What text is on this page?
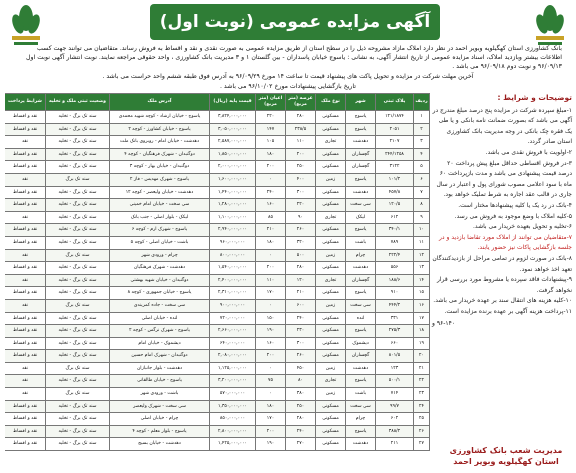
آگهی مزایده عمومی (نوبت اول)
بانک کشاورزی استان کهگیلویه وبویر احمد در نظر دارد املاک مازاد مشروحه ذیل را در سطح استان از طریق مزایده عمومی به صورت نقدی و نقد و اقساط به فروش رساند. متقاضیان می توانند جهت کسب اطلاعات بیشتر وبازدید املاک، اسناد مزایده عمومی از تاریخ انتشار آگهی، به نشانی : یاسوج خیابان پاسداران - بین گلستان ۱ و ۳ مدیریت بانک کشاورزی ، واحد حقوقی مراجعه نمایند. نوبت انتشار آگهی نوبت اول ۹۶/۰۹/۱۳ و نوبت دوم ۹۶/۰۹/۱۸ می باشد .
آخرین مهلت شرکت در مزایده و تحویل پاکت های پیشنهاد قیمت تا ساعت ۱۴ مورخ ۹۶/۰۹/۲۹ به آدرس فوق طبقه ششم واحد حراست می باشد .
تاریخ بازگشایی پیشنهادات مورخ ۹۶/۱۰/۰۲ می باشد .
ردیف	پلاک ثبتی	شهر	نوع ملک	عرصه (متر مربع)	اعیان (متر مربع)	قیمت پایه (ریال)	آدرس ملک	وضعیت ثبتی ملک و تخلیه	شرایط پرداخت
۱	۱۲۱/۱۸۷۴	یاسوج	مسکونی	۲۸۰	۲۲۰	۳,۸۲۴,۰۰۰,۰۰۰	یاسوج - خیابان ارشاد - کوچه شهید محمدی	سند تک برگ - تخلیه	نقد و اقساط
۲	۲۰۵۱	یاسوج	مسکونی	۲۳۸/۵	۱۴۷	۳,۰۵۰,۰۰۰,۰۰۰	یاسوج - خیابان کشاورز - کوچه ۲	سند تک برگ - تخلیه	نقد و اقساط
۳	۲۱۰۷	دهدشت	تجاری	۱۱۰	۱۰۵	۲,۵۸۷,۰۰۰,۰۰۰	دهدشت - خیابان امام - روبروی بانک ملت	سند تک برگ - تخلیه	نقد
۴	۲۴۴/۱۲۵۸	گچساران	مسکونی	۲۰۰	۱۸۰	۱,۸۵۰,۰۰۰,۰۰۰	دوگنبدان - شهرک فرهنگیان - کوچه ۴	سند تک برگ - تخلیه	نقد و اقساط
۵	۳۱۲۲	گچساران	مسکونی	۲۵۰	۲۰۰	۲,۰۰۰,۰۰۰,۰۰۰	دوگنبدان - خیابان بهار - کوچه ۳	سند تک برگ - تخلیه	نقد و اقساط
۶	۱۰۱/۲	یاسوج	زمین	۴۰۰	۰	۱,۶۰۰,۰۰۰,۰۰۰	یاسوج - شهرک مهدیس - فاز ۲	سند تک برگ	نقد
۷	۴۵۷/۸	دهدشت	مسکونی	۳۰۰	۲۴۰	۱,۴۴۰,۰۰۰,۰۰۰	دهدشت - خیابان ولیعصر - کوچه ۱۲	سند تک برگ - تخلیه	نقد و اقساط
۸	۱۲۰/۵	سی سخت	مسکونی	۲۲۰	۱۶۰	۱,۲۸۰,۰۰۰,۰۰۰	سی سخت - خیابان امام خمینی	سند تک برگ - تخلیه	نقد و اقساط
۹	۶۱۲	لیکک	تجاری	۹۰	۸۵	۱,۱۰۰,۰۰۰,۰۰۰	لیکک - بلوار اصلی - جنب بانک	سند تک برگ - تخلیه	نقد
۱۰	۳۴۰/۱	یاسوج	مسکونی	۲۶۰	۲۱۰	۲,۹۴۰,۰۰۰,۰۰۰	یاسوج - شهرک ارم - کوچه ۶	سند تک برگ - تخلیه	نقد و اقساط
۱۱	۷۸۹	باشت	مسکونی	۳۲۰	۱۸۰	۹۶۰,۰۰۰,۰۰۰	باشت - خیابان اصلی - کوچه ۵	سند تک برگ - تخلیه	نقد و اقساط
۱۲	۲۲۲/۴	چرام	زمین	۵۰۰	۰	۸۰۰,۰۰۰,۰۰۰	چرام - ورودی شهر	سند تک برگ	نقد
۱۳	۵۵۶	دهدشت	مسکونی	۲۸۰	۲۰۰	۱,۵۴۰,۰۰۰,۰۰۰	دهدشت - شهرک فرهنگیان	سند تک برگ - تخلیه	نقد و اقساط
۱۴	۱۸۸/۶	گچساران	تجاری	۱۲۰	۱۱۰	۲,۴۰۰,۰۰۰,۰۰۰	دوگنبدان - خیابان شهید بهشتی	سند تک برگ - تخلیه	نقد
۱۵	۹۱۰	یاسوج	مسکونی	۲۱۰	۱۷۰	۲,۳۱۰,۰۰۰,۰۰۰	یاسوج - خیابان جمهوری - کوچه ۸	سند تک برگ - تخلیه	نقد و اقساط
۱۶	۴۴۴/۲	سی سخت	زمین	۶۰۰	۰	۹۰۰,۰۰۰,۰۰۰	سی سخت - جاده کمربندی	سند تک برگ	نقد
۱۷	۳۳۱	لنده	مسکونی	۲۴۰	۱۵۰	۷۲۰,۰۰۰,۰۰۰	لنده - خیابان اصلی	سند تک برگ - تخلیه	نقد و اقساط
۱۸	۲۷۵/۳	یاسوج	مسکونی	۲۳۰	۱۹۰	۲,۶۶۰,۰۰۰,۰۰۰	یاسوج - شهرک نرگس - کوچه ۲	سند تک برگ - تخلیه	نقد و اقساط
۱۹	۶۶۰	دیشموک	مسکونی	۳۰۰	۱۶۰	۶۴۰,۰۰۰,۰۰۰	دیشموک - خیابان امام	سند تک برگ - تخلیه	نقد و اقساط
۲۰	۸۰۱/۵	گچساران	مسکونی	۲۶۰	۲۰۰	۲,۰۸۰,۰۰۰,۰۰۰	دوگنبدان - شهرک امام حسین	سند تک برگ - تخلیه	نقد و اقساط
۲۱	۱۲۳	دهدشت	زمین	۴۵۰	۰	۱,۱۲۵,۰۰۰,۰۰۰	دهدشت - بلوار جانبازان	سند تک برگ	نقد
۲۲	۵۰۰/۱	یاسوج	تجاری	۸۰	۷۵	۳,۲۰۰,۰۰۰,۰۰۰	یاسوج - خیابان طالقانی	سند تک برگ - تخلیه	نقد
۲۳	۷۱۴	باشت	زمین	۳۸۰	۰	۵۷۰,۰۰۰,۰۰۰	باشت - ورودی شهر	سند تک برگ	نقد
۲۴	۹۹/۷	سی سخت	مسکونی	۲۵۰	۱۸۰	۱,۳۵۰,۰۰۰,۰۰۰	سی سخت - شهرک ولیعصر	سند تک برگ - تخلیه	نقد و اقساط
۲۵	۶۰۲	چرام	مسکونی	۲۸۰	۱۷۰	۸۵۰,۰۰۰,۰۰۰	چرام - خیابان اصلی	سند تک برگ - تخلیه	نقد و اقساط
۲۶	۳۸۸/۲	یاسوج	مسکونی	۲۴۰	۲۰۰	۲,۸۰۰,۰۰۰,۰۰۰	یاسوج - بلوار معلم - کوچه ۴	سند تک برگ - تخلیه	نقد و اقساط
۲۷	۲۱۱	دهدشت	مسکونی	۲۷۰	۱۹۰	۱,۴۲۵,۰۰۰,۰۰۰	دهدشت - خیابان بسیج	سند تک برگ - تخلیه	نقد و اقساط
توضیحات و شرایط :
۱-مبلغ سپرده شرکت در مزایده پنج درصد مبلغ مندرج در آگهی می باشد که بصورت ضمانت نامه بانکی و یا طی یک فقره چک بانکی در وجه مدیریت بانک کشاورزی استان صادر گردد.
۲-اولویت با فروش نقدی می باشد.
۳-در فروش اقساطی حداقل مبلغ پیش پرداخت ۲۰ درصد قیمت پیشنهادی می باشد و مدت بازپرداخت ۶۰ ماه با سود اعلامی مصوب شورای پول و اعتبار در سال جاری در قالب عقد اجاره به شرط تملیک خواهد بود.
۴-بانک در رد یک یا کلیه پیشنهادها مختار است.
۵-کلیه املاک با وضع موجود به فروش می رسد.
۶-تخلیه و تحویل بعهده خریدار می باشد.
۷-متقاضیان می توانند از املاک مورد تقاضا بازدید و در جلسه بازگشایی پاکات نیز حضور یابند.
۸-بانک در صورت لزوم در تمامی مراحل از بازدیدکنندگان تعهد اخذ خواهد نمود.
۹-پیشنهادات فاقد سپرده یا مشروط مورد بررسی قرار نخواهد گرفت.
۱۰-کلیه هزینه های انتقال سند بر عهده خریدار می باشد.
۱۱-پرداخت هزینه آگهی بر عهده برنده مزایده است.
۹۶-۱۴۰ و
مدیریت شعب بانک کشاورزی
استان کهگیلویه وبویر احمد
